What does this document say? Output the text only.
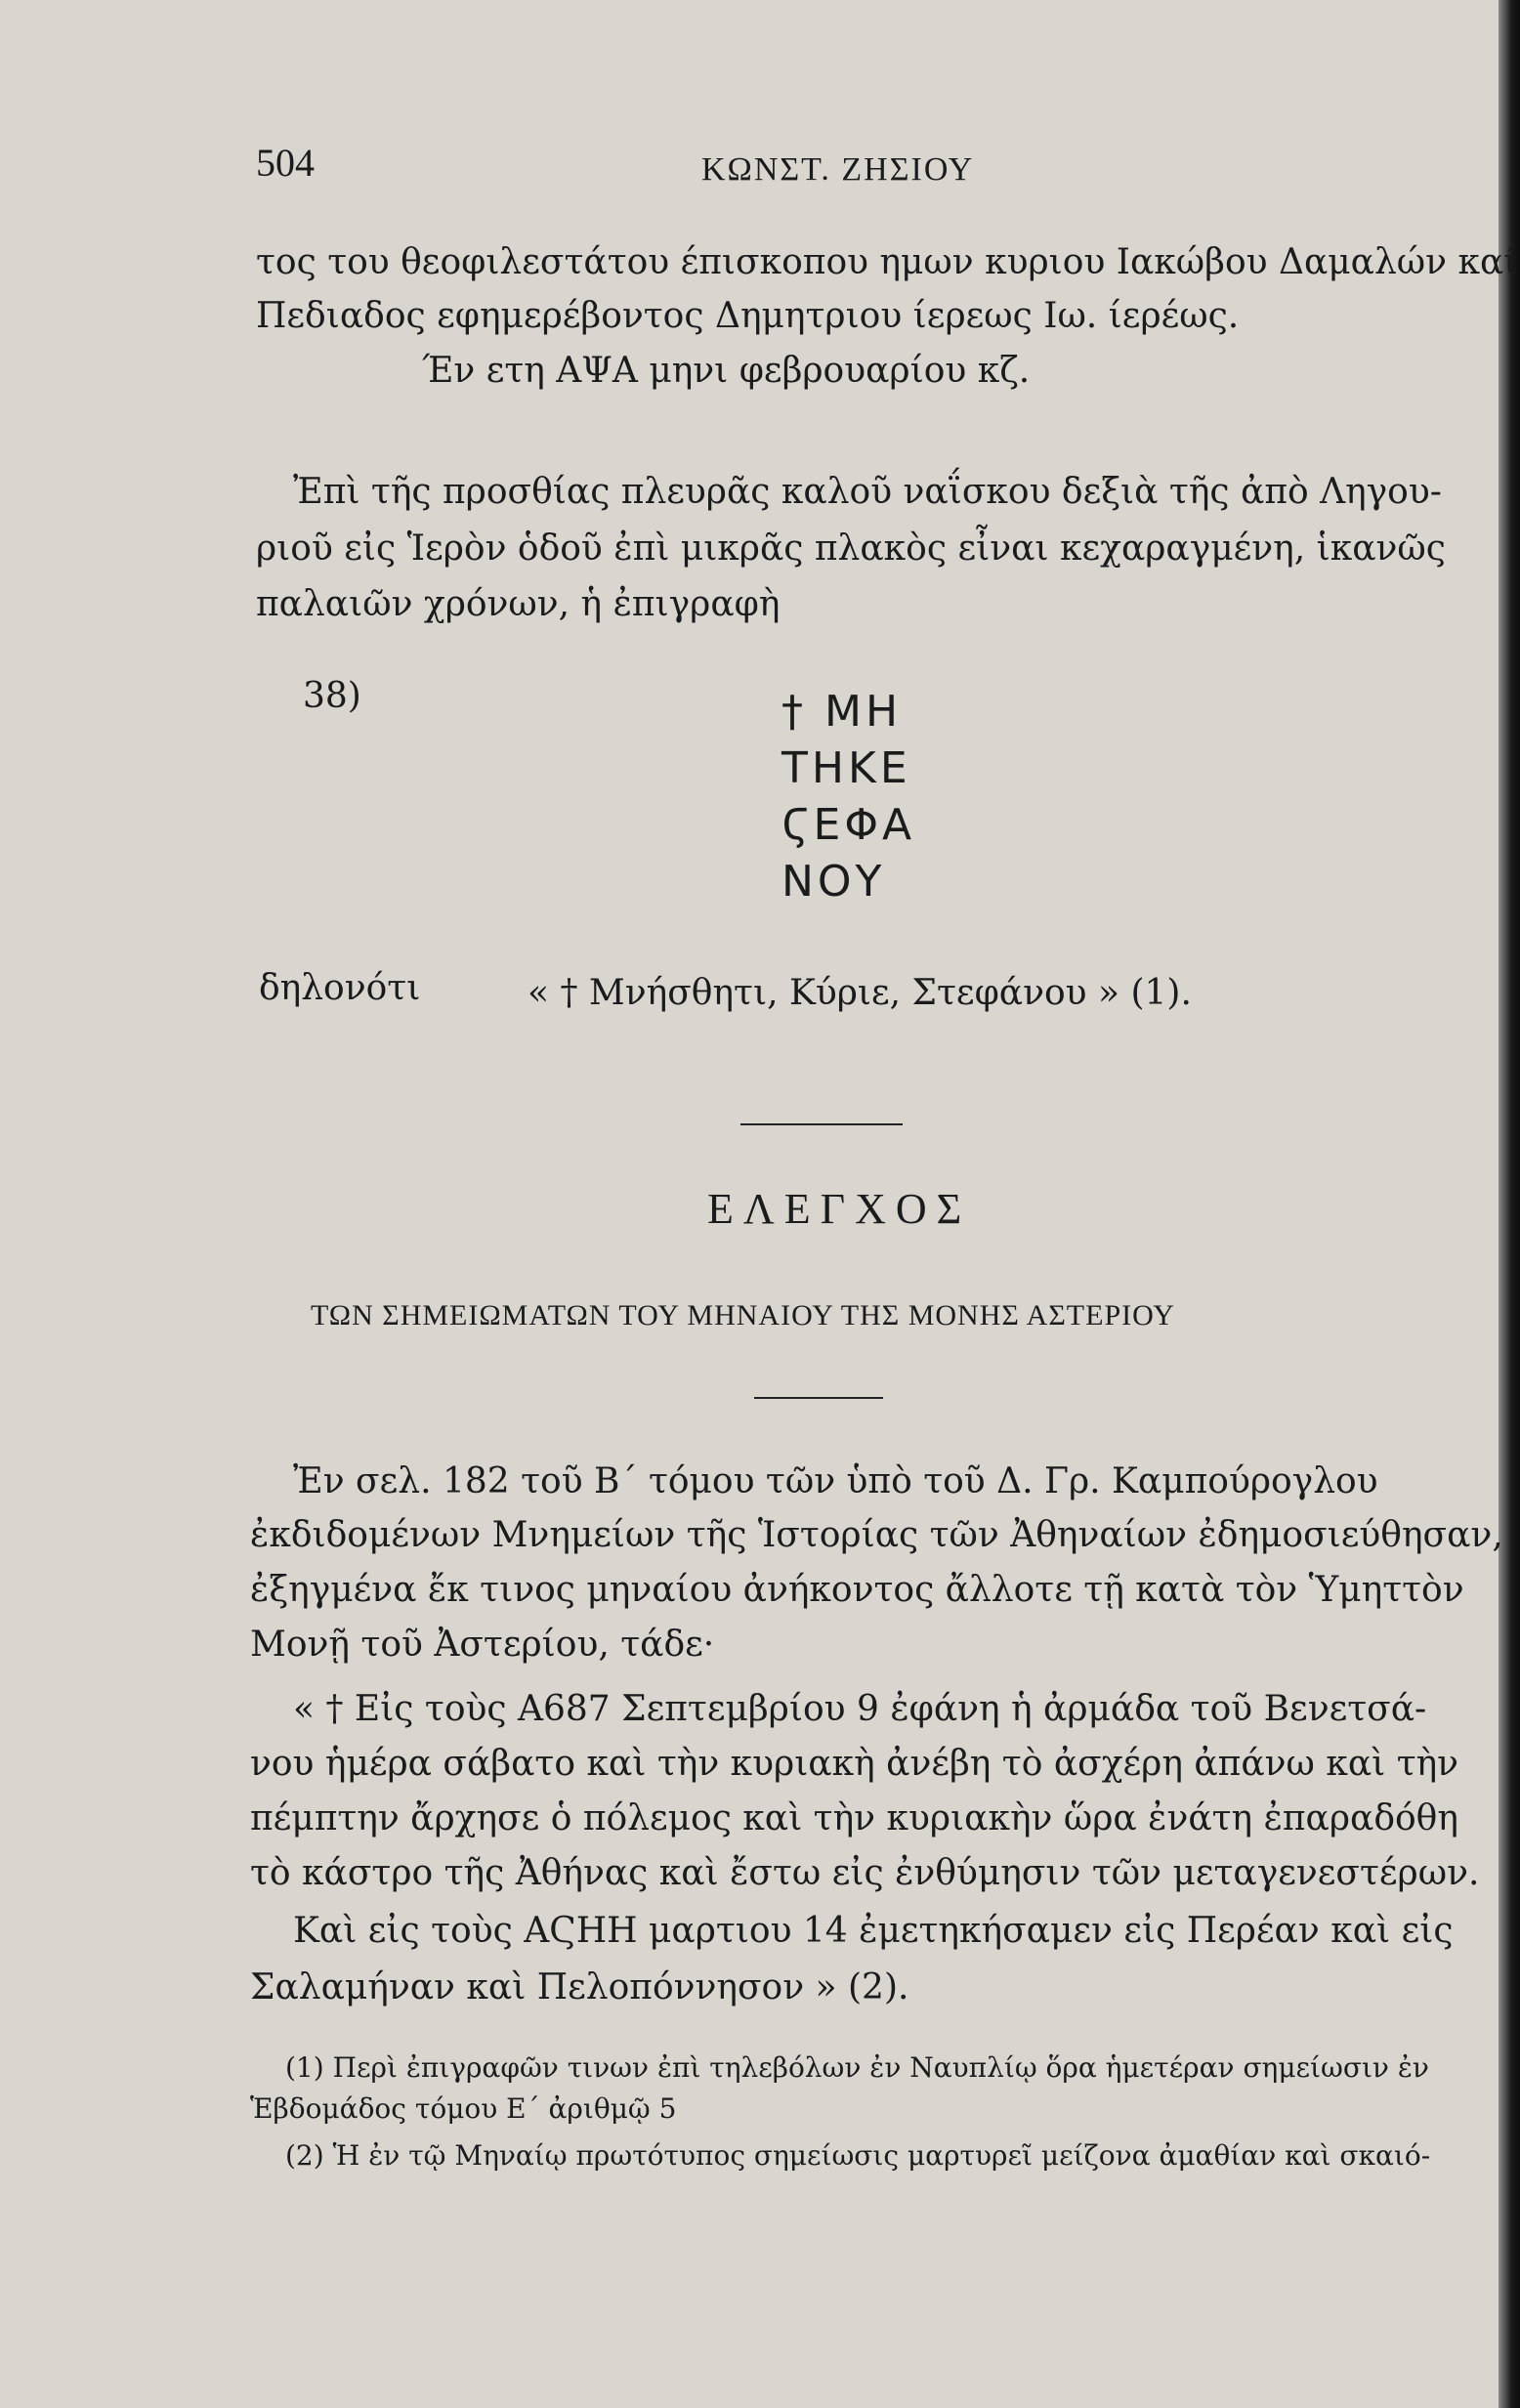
504	ΚΩΝΣΤ. ΖΗΣΙΟΥ
τος του θεοφιλεστάτου έπισκοπου ημων κυριου Ιακώβου Δαμαλών καί
Πεδιαδος εφημερέβοντος Δημητριου ίερεως Ιω. ίερέως.
Έν ετη ΑΨΑ μηνι φεβρουαρίου κζ.
Ἐπὶ τῆς προσθίας πλευρᾶς καλοῦ ναΐσκου δεξιὰ τῆς ἀπὸ Ληγου-
ριοῦ εἰς Ἱερὸν ὁδοῦ ἐπὶ μικρᾶς πλακὸς εἶναι κεχαραγμένη, ἱκανῶς
παλαιῶν χρόνων, ἡ ἐπιγραφὴ
38)	† ΜΗ
ΤΗΚΕ
ϚΕΦΑ
ΝΟΥ
δηλονότι	« † Μνήσθητι, Κύριε, Στεφάνου » (1).
ΕΛΕΓΧΟΣ
ΤΩΝ ΣΗΜΕΙΩΜΑΤΩΝ ΤΟΥ ΜΗΝΑΙΟΥ ΤΗΣ ΜΟΝΗΣ ΑΣΤΕΡΙΟΥ
Ἐν σελ. 182 τοῦ Β΄ τόμου τῶν ὑπὸ τοῦ Δ. Γρ. Καμπούρογλου
ἐκδιδομένων Μνημείων τῆς Ἱστορίας τῶν Ἀθηναίων ἐδημοσιεύθησαν,
ἐξηγμένα ἔκ τινος μηναίου ἀνήκοντος ἄλλοτε τῇ κατὰ τὸν Ὑμηττὸν
Μονῇ τοῦ Ἀστερίου, τάδε·
« † Εἰς τοὺς Α687 Σεπτεμβρίου 9 ἐφάνη ἡ ἀρμάδα τοῦ Βενετσά-
νου ἡμέρα σάβατο καὶ τὴν κυριακὴ ἀνέβη τὸ ἀσχέρη ἀπάνω καὶ τὴν
πέμπτην ἄρχησε ὁ πόλεμος καὶ τὴν κυριακὴν ὥρα ἐνάτη ἐπαραδόθη
τὸ κάστρο τῆς Ἀθήνας καὶ ἔστω εἰς ἐνθύμησιν τῶν μεταγενεστέρων.
Καὶ εἰς τοὺς ΑϚΗΗ μαρτιου 14 ἐμετηκήσαμεν εἰς Περέαν καὶ εἰς
Σαλαμήναν καὶ Πελοπόννησον » (2).
(1) Περὶ ἐπιγραφῶν τινων ἐπὶ τηλεβόλων ἐν Ναυπλίῳ ὅρα ἡμετέραν σημείωσιν ἐν
Ἑβδομάδος τόμου Ε΄ ἀριθμῷ 5
(2) Ἡ ἐν τῷ Μηναίῳ πρωτότυπος σημείωσις μαρτυρεῖ μείζονα ἀμαθίαν καὶ σκαιό-
